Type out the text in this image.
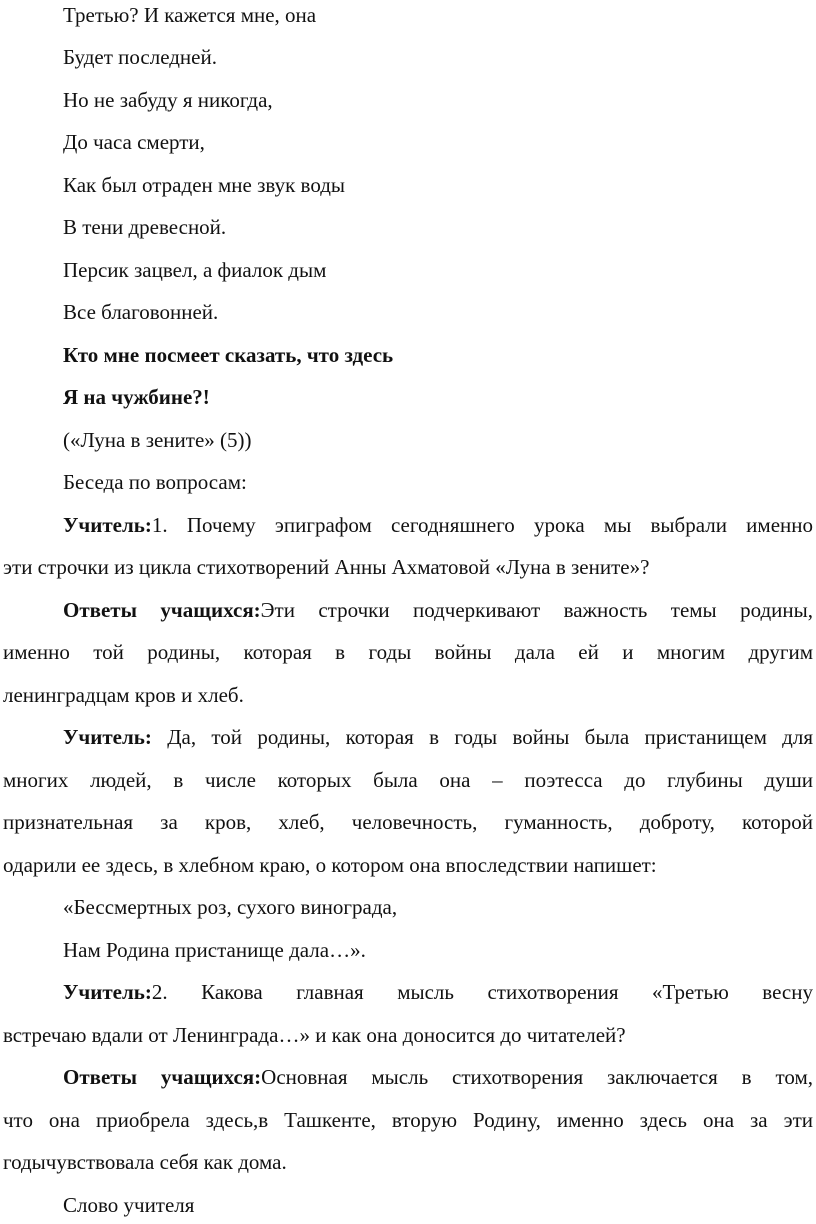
Третью? И кажется мне, она
Будет последней.
Но не забуду я никогда,
До часа смерти,
Как был отраден мне звук воды
В тени древесной.
Персик зацвел, а фиалок дым
Все благовонней.
Кто мне посмеет сказать, что здесь
Я на чужбине?!
(«Луна в зените» (5))
Беседа по вопросам:
Учитель:1. Почему эпиграфом сегодняшнего урока мы выбрали именно
эти строчки из цикла стихотворений Анны Ахматовой «Луна в зените»?
Ответы учащихся:Эти строчки подчеркивают важность темы родины,
именно той родины, которая в годы войны дала ей и многим другим
ленинградцам кров и хлеб.
Учитель: Да, той родины, которая в годы войны была пристанищем для
многих людей, в числе которых была она – поэтесса до глубины души
признательная за кров, хлеб, человечность, гуманность, доброту, которой
одарили ее здесь, в хлебном краю, о котором она впоследствии напишет:
«Бессмертных роз, сухого винограда,
Нам Родина пристанище дала…».
Учитель:2. Какова главная мысль стихотворения «Третью весну
встречаю вдали от Ленинграда…» и как она доносится до читателей?
Ответы учащихся:Основная мысль стихотворения заключается в том,
что она приобрела здесь,в Ташкенте, вторую Родину, именно здесь она за эти
годычувствовала себя как дома.
Слово учителя
